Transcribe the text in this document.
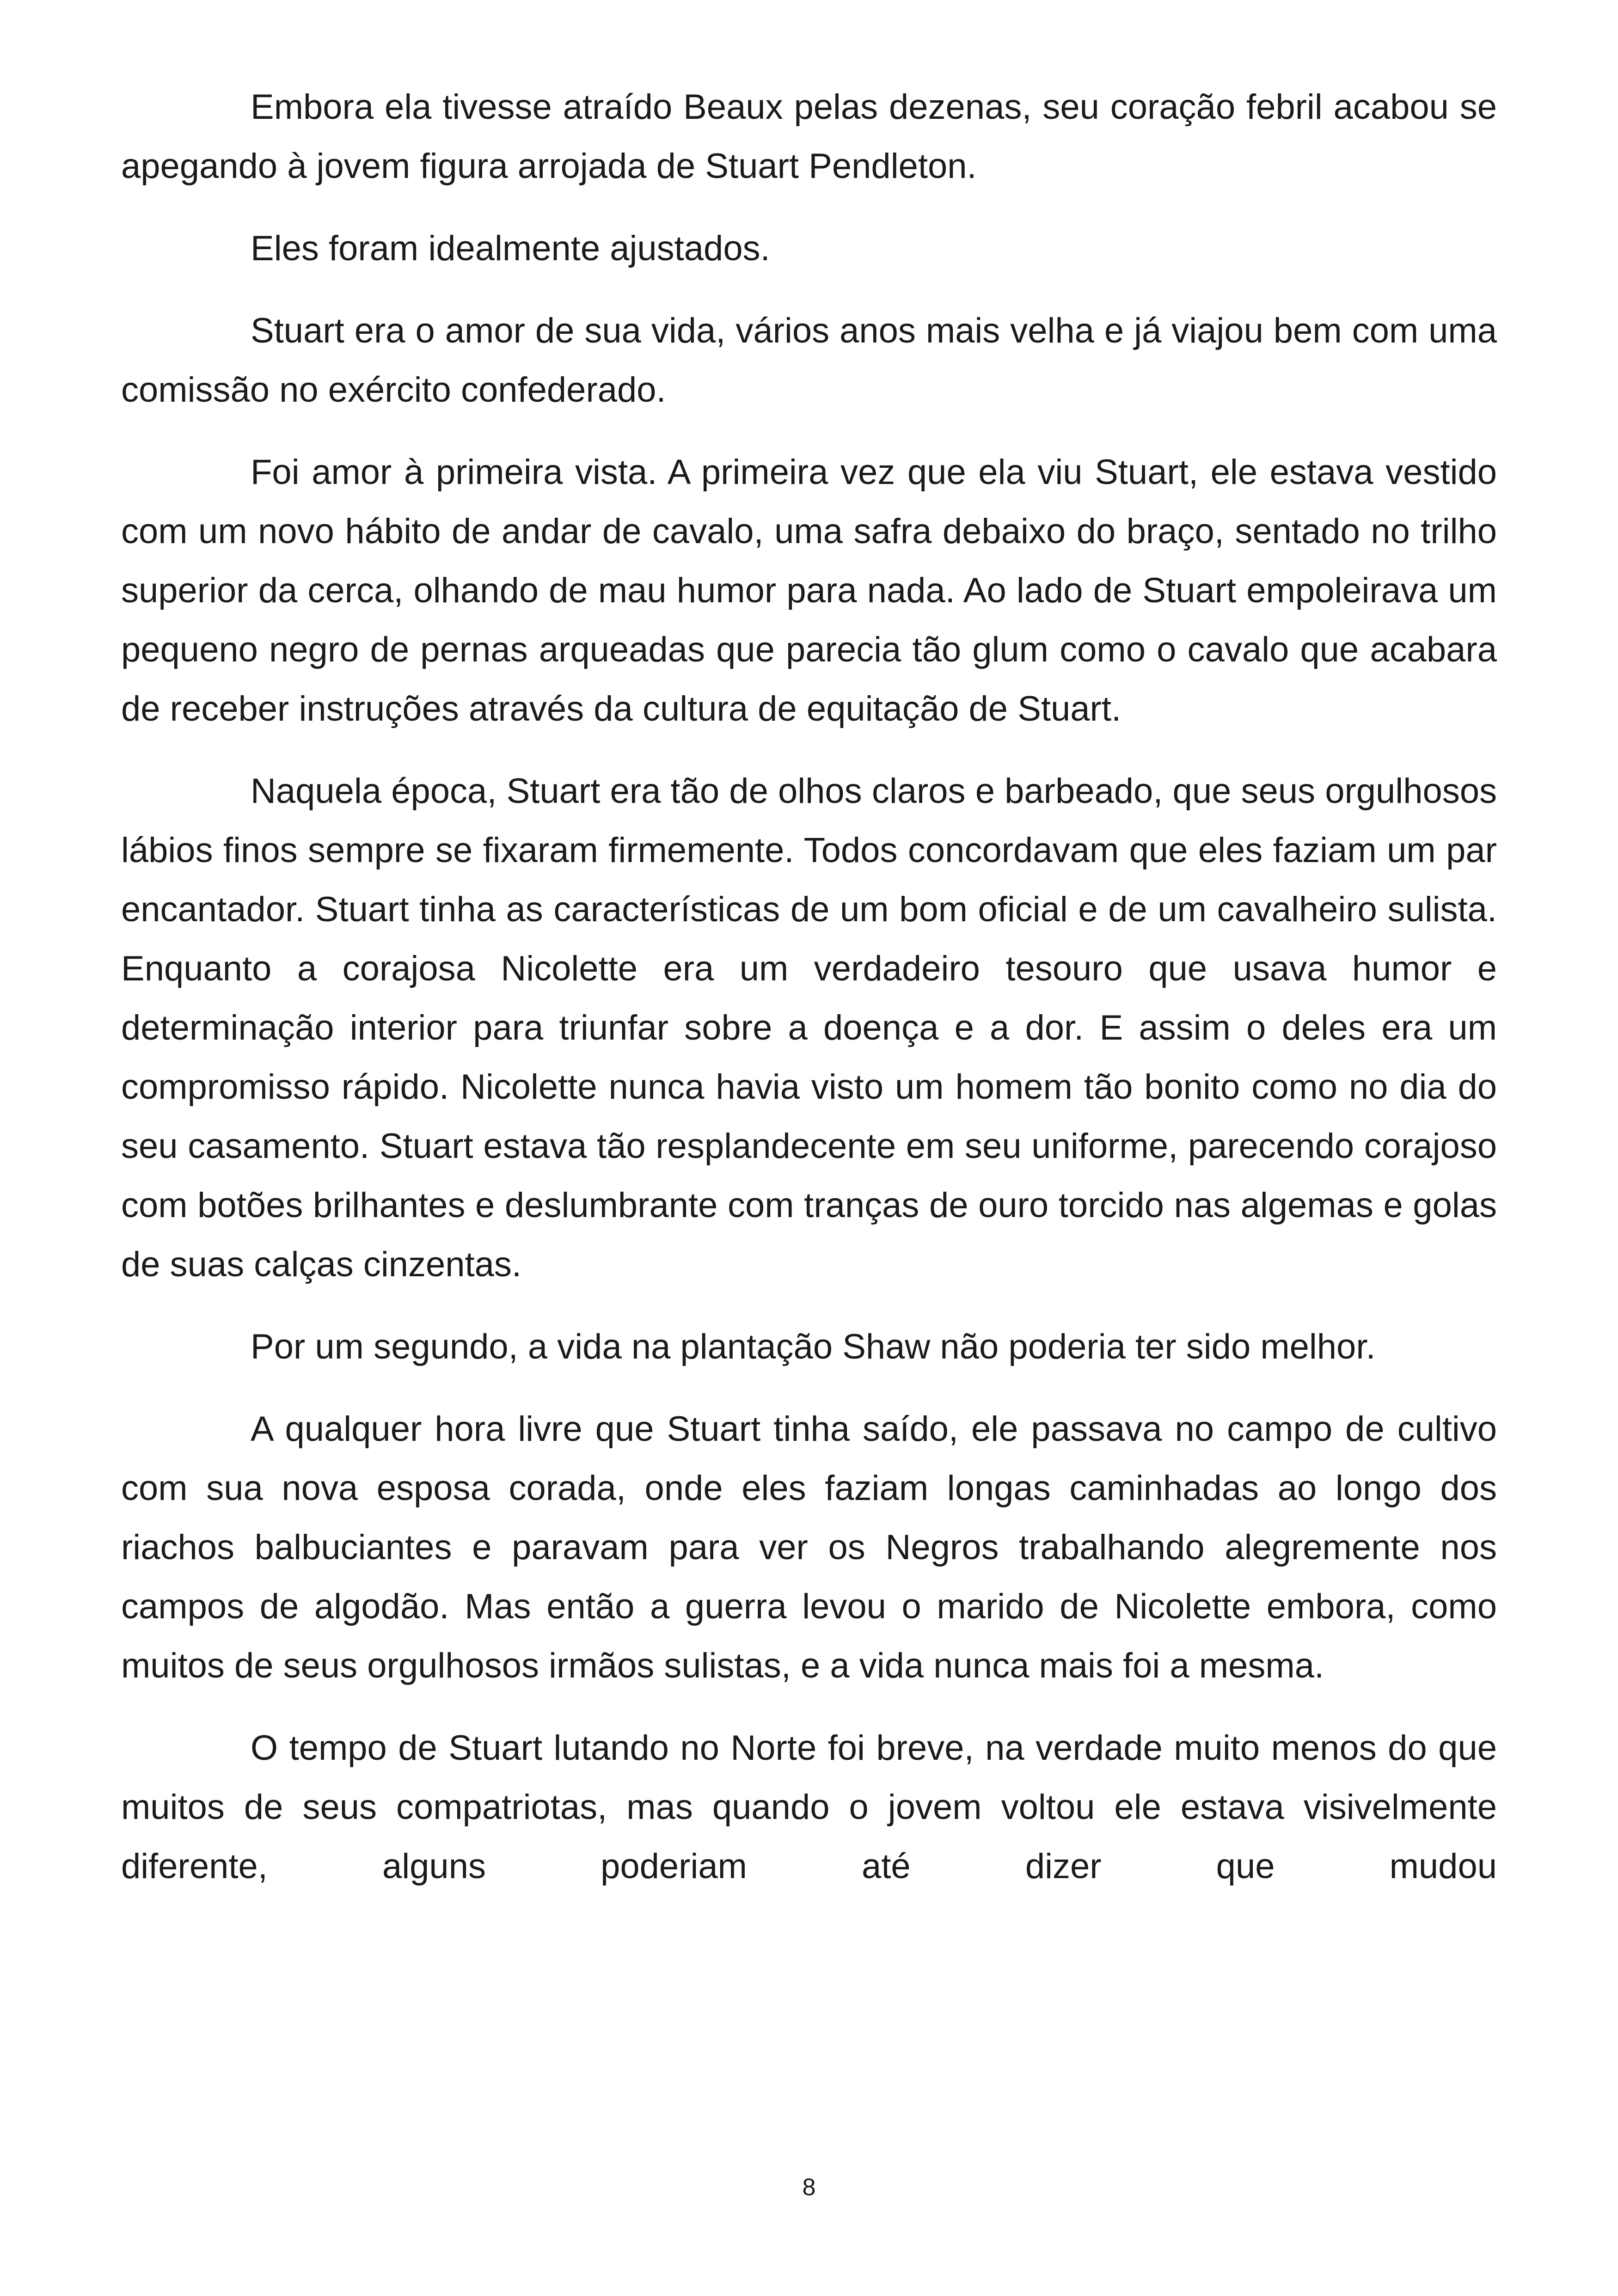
Embora ela tivesse atraído Beaux pelas dezenas, seu coração febril acabou se apegando à jovem figura arrojada de Stuart Pendleton.

Eles foram idealmente ajustados.

Stuart era o amor de sua vida, vários anos mais velha e já viajou bem com uma comissão no exército confederado.

Foi amor à primeira vista. A primeira vez que ela viu Stuart, ele estava vestido com um novo hábito de andar de cavalo, uma safra debaixo do braço, sentado no trilho superior da cerca, olhando de mau humor para nada. Ao lado de Stuart empoleirava um pequeno negro de pernas arqueadas que parecia tão glum como o cavalo que acabara de receber instruções através da cultura de equitação de Stuart.

Naquela época, Stuart era tão de olhos claros e barbeado, que seus orgulhosos lábios finos sempre se fixaram firmemente. Todos concordavam que eles faziam um par encantador. Stuart tinha as características de um bom oficial e de um cavalheiro sulista. Enquanto a corajosa Nicolette era um verdadeiro tesouro que usava humor e determinação interior para triunfar sobre a doença e a dor. E assim o deles era um compromisso rápido. Nicolette nunca havia visto um homem tão bonito como no dia do seu casamento. Stuart estava tão resplandecente em seu uniforme, parecendo corajoso com botões brilhantes e deslumbrante com tranças de ouro torcido nas algemas e golas de suas calças cinzentas.

Por um segundo, a vida na plantação Shaw não poderia ter sido melhor.

A qualquer hora livre que Stuart tinha saído, ele passava no campo de cultivo com sua nova esposa corada, onde eles faziam longas caminhadas ao longo dos riachos balbuciantes e paravam para ver os Negros trabalhando alegremente nos campos de algodão. Mas então a guerra levou o marido de Nicolette embora, como muitos de seus orgulhosos irmãos sulistas, e a vida nunca mais foi a mesma.

O tempo de Stuart lutando no Norte foi breve, na verdade muito menos do que muitos de seus compatriotas, mas quando o jovem voltou ele estava visivelmente diferente, alguns poderiam até dizer que mudou

8
